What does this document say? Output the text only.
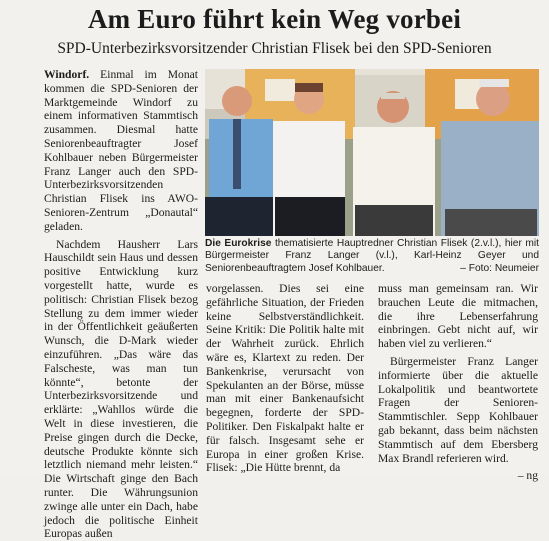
Am Euro führt kein Weg vorbei
SPD-Unterbezirksvorsitzender Christian Flisek bei den SPD-Senioren

Windorf. Einmal im Monat kommen die SPD-Senioren der Marktgemeinde Windorf zu einem informativen Stammtisch zusammen. Diesmal hatte Seniorenbeauftragter Josef Kohlbauer neben Bürgermeister Franz Langer auch den SPD-Unterbezirksvorsitzenden Christian Flisek ins AWO-Senioren-Zentrum „Donautal“ geladen.

Nachdem Hausherr Lars Hauschildt sein Haus und dessen positive Entwicklung kurz vorgestellt hatte, wurde es politisch: Christian Flisek bezog Stellung zu dem immer wieder in der Öffentlichkeit geäußerten Wunsch, die D-Mark wieder einzuführen. „Das wäre das Falscheste, was man tun könnte“, betonte der Unterbezirksvorsitzende und erklärte: „Wahllos würde die Welt in diese investieren, die Preise gingen durch die Decke, deutsche Produkte könnte sich letztlich niemand mehr leisten.“ Die Wirtschaft ginge den Bach runter. Die Währungsunion zwinge alle unter ein Dach, habe jedoch die politische Einheit Europas außen

Die Eurokrise thematisierte Hauptredner Christian Flisek (2.v.l.), hier mit Bürgermeister Franz Langer (v.l.), Karl-Heinz Geyer und Seniorenbeauftragtem Josef Kohlbauer.	– Foto: Neumeier

vorgelassen. Dies sei eine gefährliche Situation, der Frieden keine Selbstverständlichkeit. Seine Kritik: Die Politik halte mit der Wahrheit zurück. Ehrlich wäre es, Klartext zu reden. Der Bankenkrise, verursacht von Spekulanten an der Börse, müsse man mit einer Bankenaufsicht begegnen, forderte der SPD-Politiker. Den Fiskalpakt halte er für falsch. Insgesamt sehe er Europa in einer großen Krise. Flisek: „Die Hütte brennt, da

muss man gemeinsam ran. Wir brauchen Leute die mitmachen, die ihre Lebenserfahrung einbringen. Gebt nicht auf, wir haben viel zu verlieren.“

Bürgermeister Franz Langer informierte über die aktuelle Lokalpolitik und beantwortete Fragen der Senioren-Stammtischler. Sepp Kohlbauer gab bekannt, dass beim nächsten Stammtisch auf dem Ebersberg Max Brandl referieren wird.

– ng
